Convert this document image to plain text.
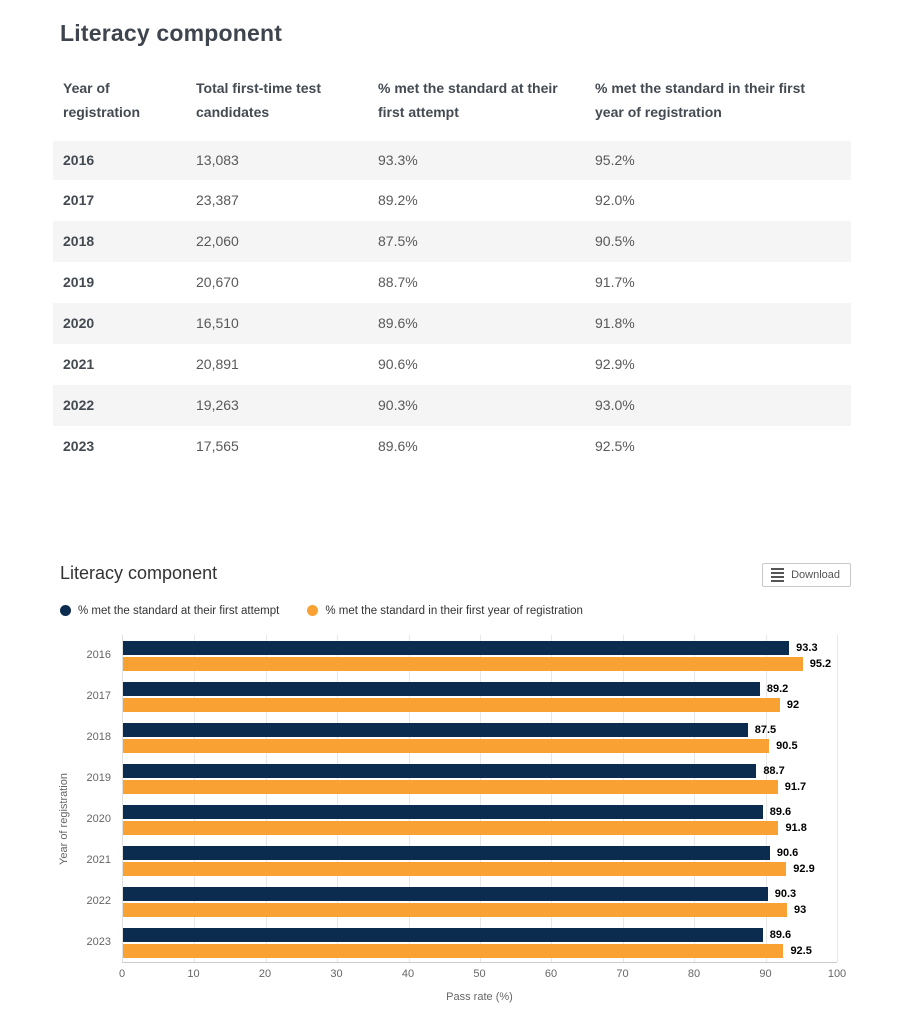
Literacy component
Year of registration	Total first-time test candidates	% met the standard at their first attempt	% met the standard in their first year of registration
2016	13,083	93.3%	95.2%
2017	23,387	89.2%	92.0%
2018	22,060	87.5%	90.5%
2019	20,670	88.7%	91.7%
2020	16,510	89.6%	91.8%
2021	20,891	90.6%	92.9%
2022	19,263	90.3%	93.0%
2023	17,565	89.6%	92.5%
Literacy component	Download
% met the standard at their first attempt	% met the standard in their first year of registration
Year of registration
2016
93.3
95.2
2017
89.2
92
2018
87.5
90.5
2019
88.7
91.7
2020
89.6
91.8
2021
90.6
92.9
2022
90.3
93
2023
89.6
92.5
0	10	20	30	40	50	60	70	80	90	100
Pass rate (%)
